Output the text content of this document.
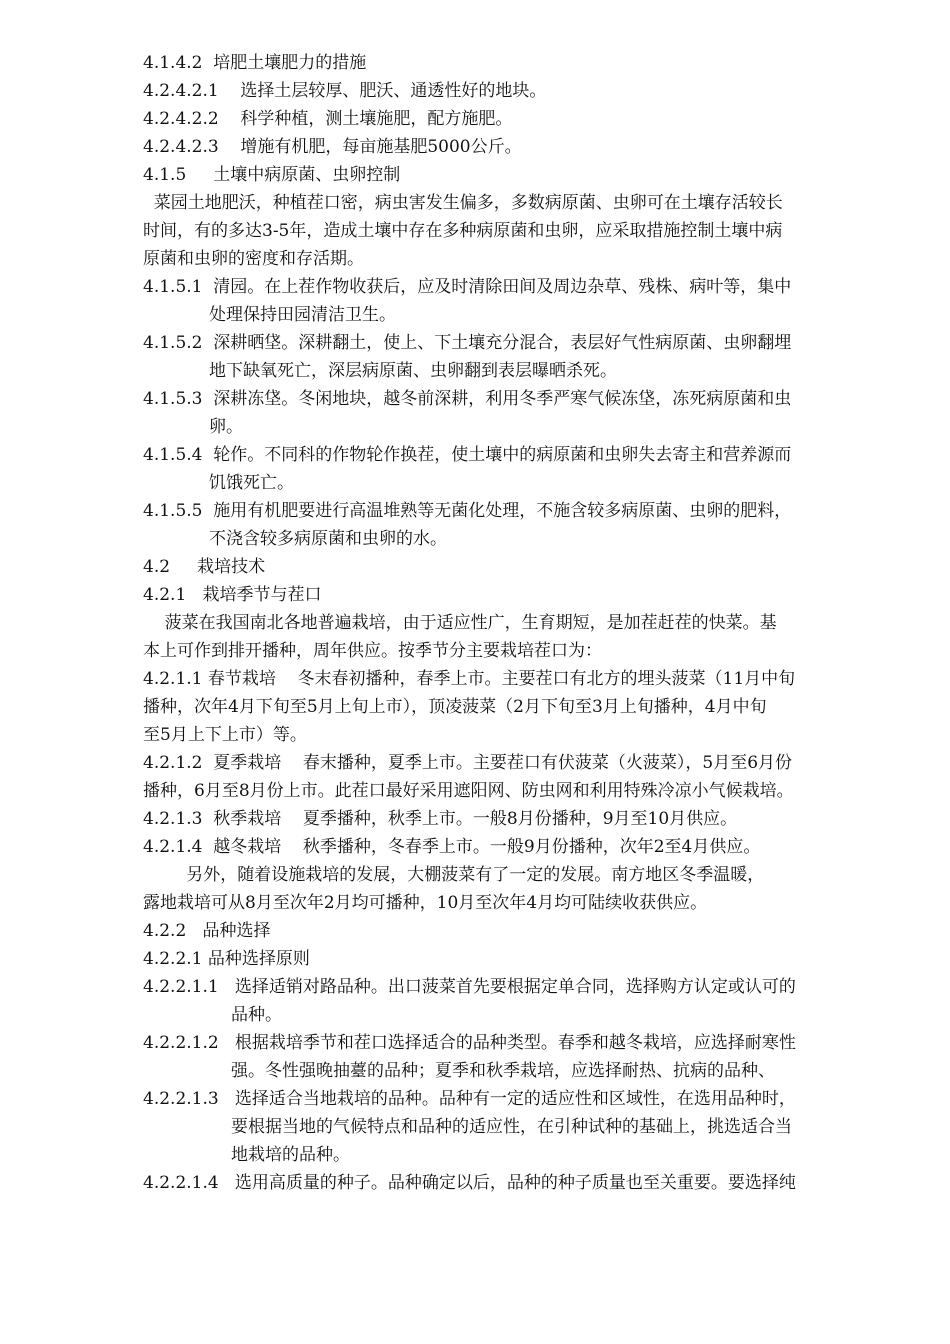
4.1.4.2 培肥土壤肥力的措施
4.2.4.2.1 选择土层较厚、肥沃、通透性好的地块。
4.2.4.2.2 科学种植，测土壤施肥，配方施肥。
4.2.4.2.3 增施有机肥，每亩施基肥5000公斤。
4.1.5 土壤中病原菌、虫卵控制
菜园土地肥沃，种植茬口密，病虫害发生偏多，多数病原菌、虫卵可在土壤存活较长
时间，有的多达3-5年，造成土壤中存在多种病原菌和虫卵，应采取措施控制土壤中病
原菌和虫卵的密度和存活期。
4.1.5.1 清园。在上茬作物收获后，应及时清除田间及周边杂草、残株、病叶等，集中
处理保持田园清洁卫生。
4.1.5.2 深耕晒垡。深耕翻土，使上、下土壤充分混合，表层好气性病原菌、虫卵翻埋
地下缺氧死亡，深层病原菌、虫卵翻到表层曝晒杀死。
4.1.5.3 深耕冻垡。冬闲地块，越冬前深耕，利用冬季严寒气候冻垡，冻死病原菌和虫
卵。
4.1.5.4 轮作。不同科的作物轮作换茬，使土壤中的病原菌和虫卵失去寄主和营养源而
饥饿死亡。
4.1.5.5 施用有机肥要进行高温堆熟等无菌化处理，不施含较多病原菌、虫卵的肥料，
不浇含较多病原菌和虫卵的水。
4.2 栽培技术
4.2.1 栽培季节与茬口
菠菜在我国南北各地普遍栽培，由于适应性广，生育期短，是加茬赶茬的快菜。基
本上可作到排开播种，周年供应。按季节分主要栽培茬口为：
4.2.1.1 春节栽培    冬末春初播种，春季上市。主要茬口有北方的埋头菠菜（11月中旬
播种，次年4月下旬至5月上旬上市），顶凌菠菜（2月下旬至3月上旬播种，4月中旬
至5月上下上市）等。
4.2.1.2 夏季栽培    春末播种，夏季上市。主要茬口有伏菠菜（火菠菜），5月至6月份
播种，6月至8月份上市。此茬口最好采用遮阳网、防虫网和利用特殊冷凉小气候栽培。
4.2.1.3 秋季栽培    夏季播种，秋季上市。一般8月份播种，9月至10月供应。
4.2.1.4 越冬栽培    秋季播种，冬春季上市。一般9月份播种，次年2至4月供应。
另外，随着设施栽培的发展，大棚菠菜有了一定的发展。南方地区冬季温暖，
露地栽培可从8月至次年2月均可播种，10月至次年4月均可陆续收获供应。
4.2.2 品种选择
4.2.2.1 品种选择原则
4.2.2.1.1 选择适销对路品种。出口菠菜首先要根据定单合同，选择购方认定或认可的
品种。
4.2.2.1.2 根据栽培季节和茬口选择适合的品种类型。春季和越冬栽培，应选择耐寒性
强。冬性强晚抽薹的品种；夏季和秋季栽培，应选择耐热、抗病的品种、
4.2.2.1.3 选择适合当地栽培的品种。品种有一定的适应性和区域性，在选用品种时，
要根据当地的气候特点和品种的适应性，在引种试种的基础上，挑选适合当
地栽培的品种。
4.2.2.1.4 选用高质量的种子。品种确定以后，品种的种子质量也至关重要。要选择纯
